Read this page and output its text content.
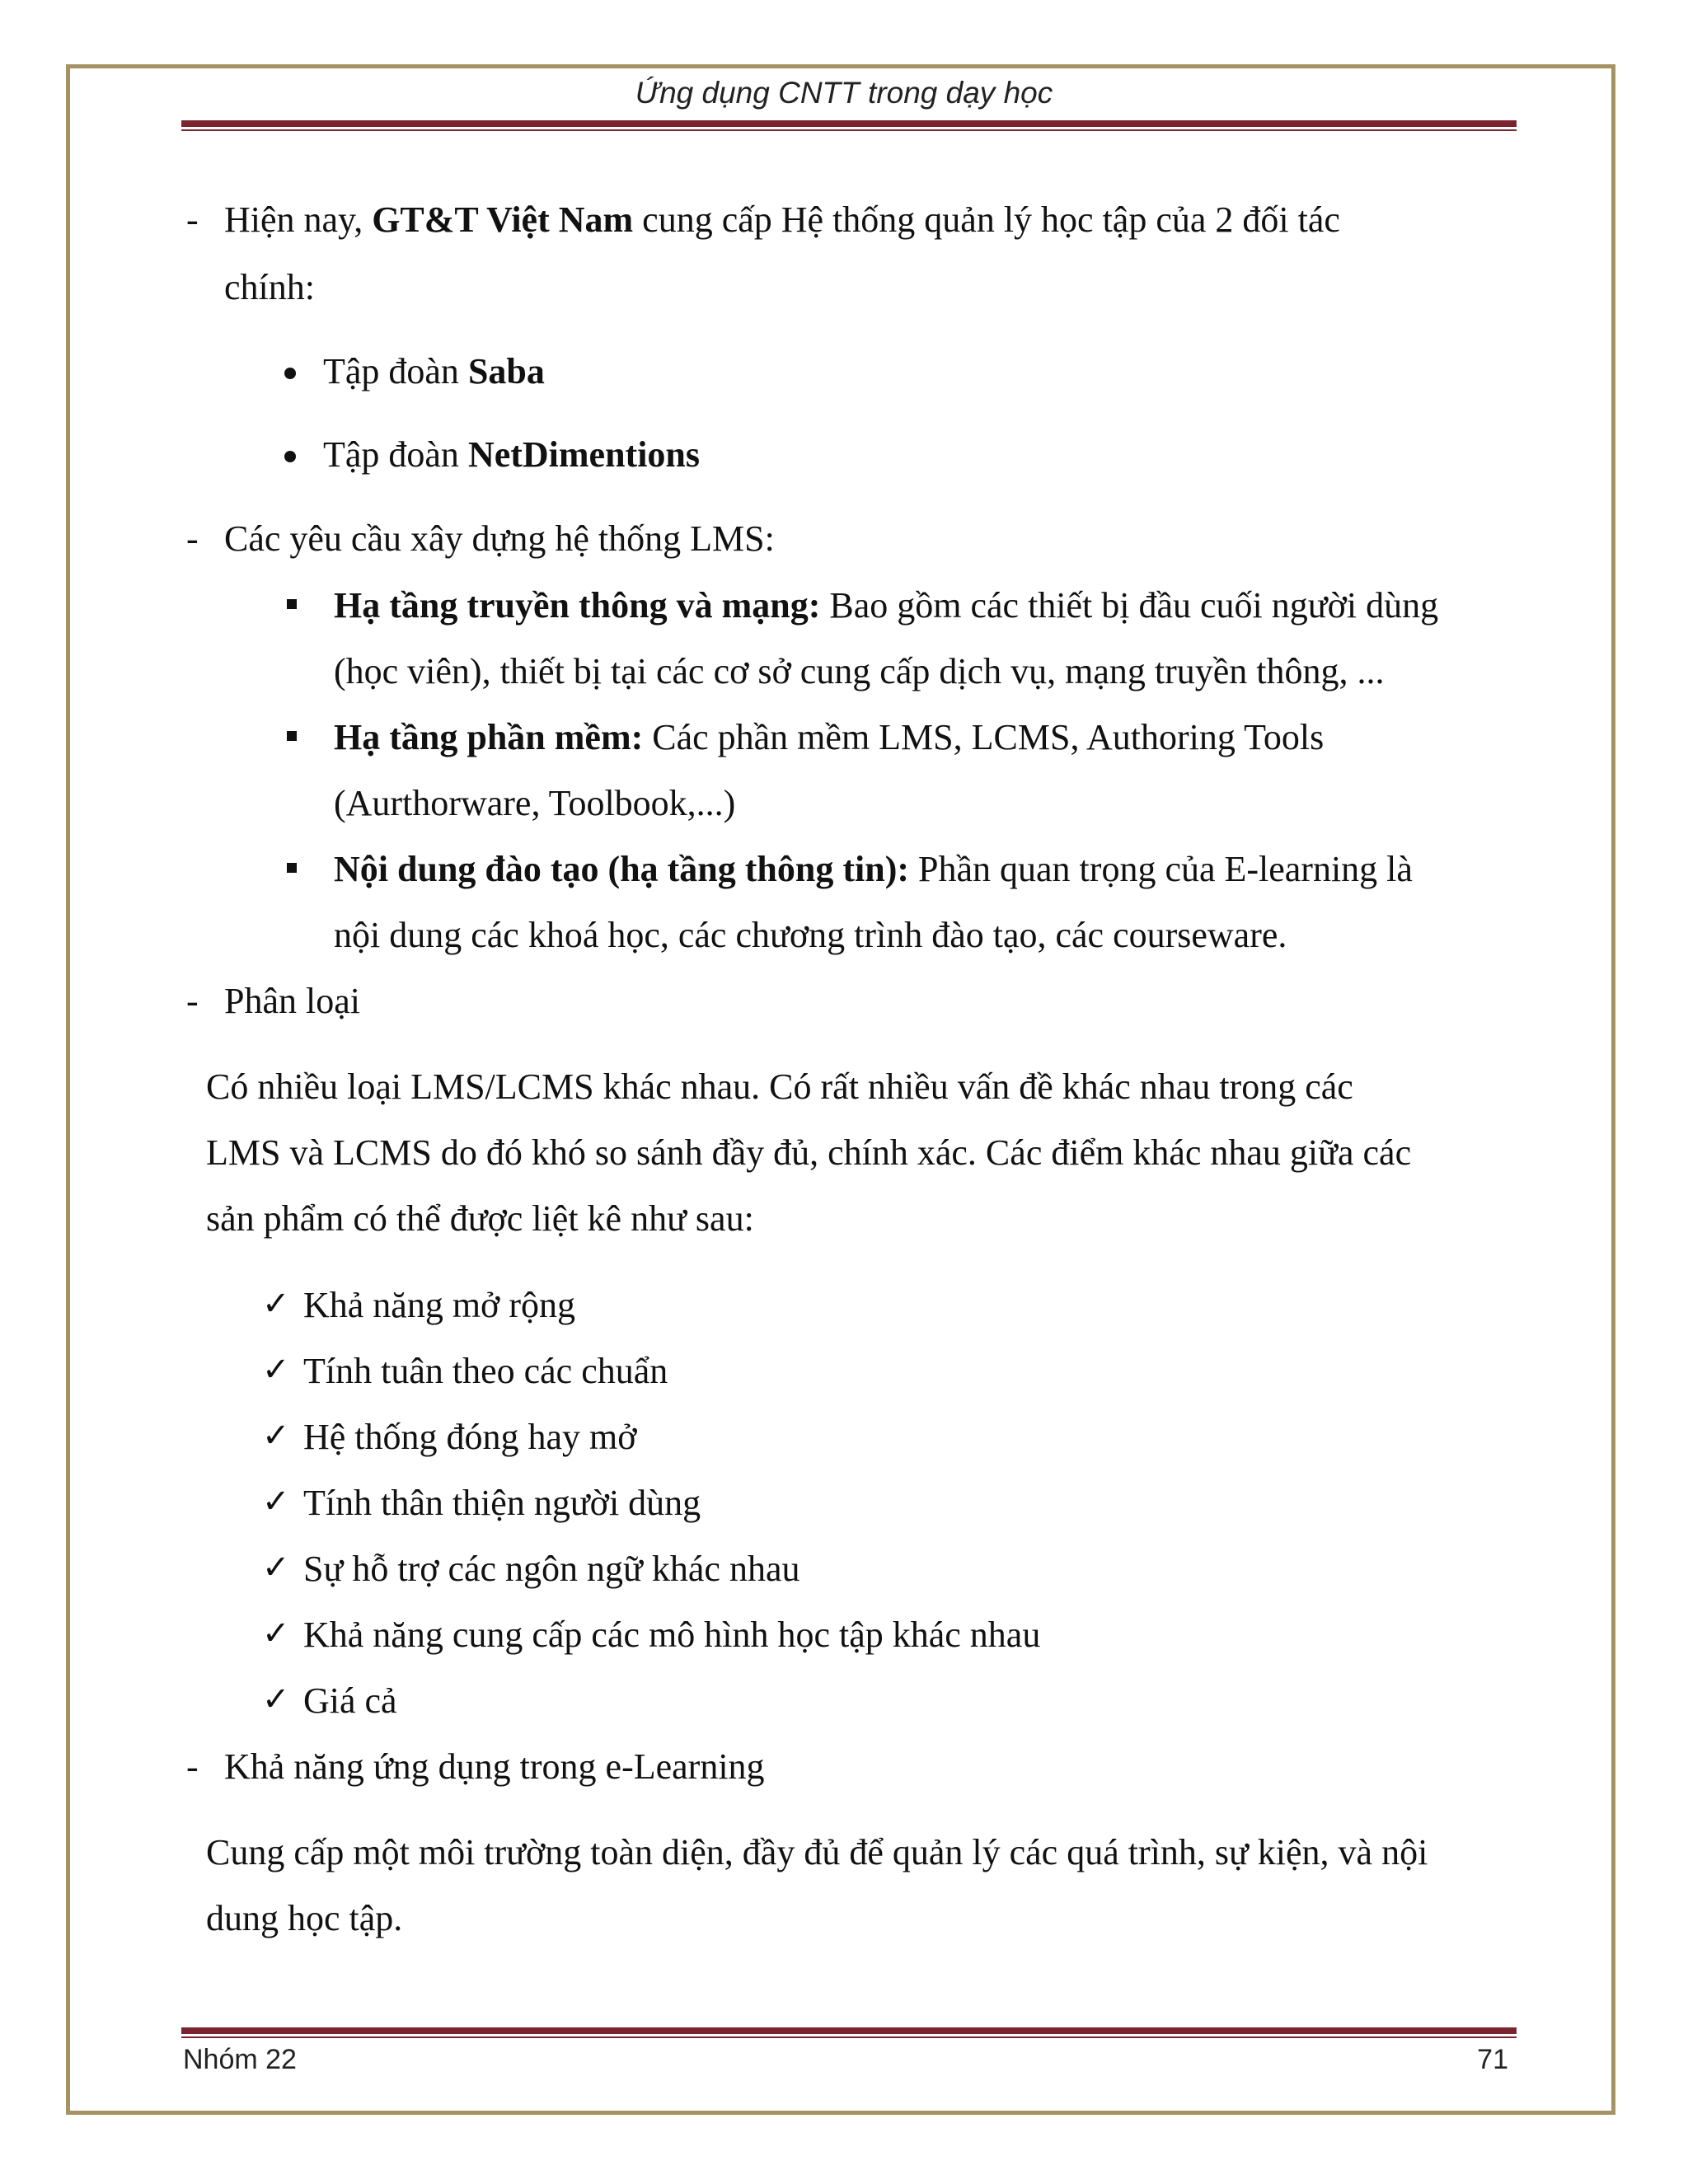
Ứng dụng CNTT trong dạy học
- Hiện nay, GT&T Việt Nam cung cấp Hệ thống quản lý học tập của 2 đối tác
chính:
Tập đoàn Saba
Tập đoàn NetDimentions
- Các yêu cầu xây dựng hệ thống LMS:
Hạ tầng truyền thông và mạng: Bao gồm các thiết bị đầu cuối người dùng
(học viên), thiết bị tại các cơ sở cung cấp dịch vụ, mạng truyền thông, ...
Hạ tầng phần mềm: Các phần mềm LMS, LCMS, Authoring Tools
(Aurthorware, Toolbook,...)
Nội dung đào tạo (hạ tầng thông tin): Phần quan trọng của E-learning là
nội dung các khoá học, các chương trình đào tạo, các courseware.
- Phân loại
Có nhiều loại LMS/LCMS khác nhau. Có rất nhiều vấn đề khác nhau trong các
LMS và LCMS do đó khó so sánh đầy đủ, chính xác. Các điểm khác nhau giữa các
sản phẩm có thể được liệt kê như sau:
✓ Khả năng mở rộng
✓ Tính tuân theo các chuẩn
✓ Hệ thống đóng hay mở
✓ Tính thân thiện người dùng
✓ Sự hỗ trợ các ngôn ngữ khác nhau
✓ Khả năng cung cấp các mô hình học tập khác nhau
✓ Giá cả
- Khả năng ứng dụng trong e-Learning
Cung cấp một môi trường toàn diện, đầy đủ để quản lý các quá trình, sự kiện, và nội
dung học tập.
Nhóm 22	71
